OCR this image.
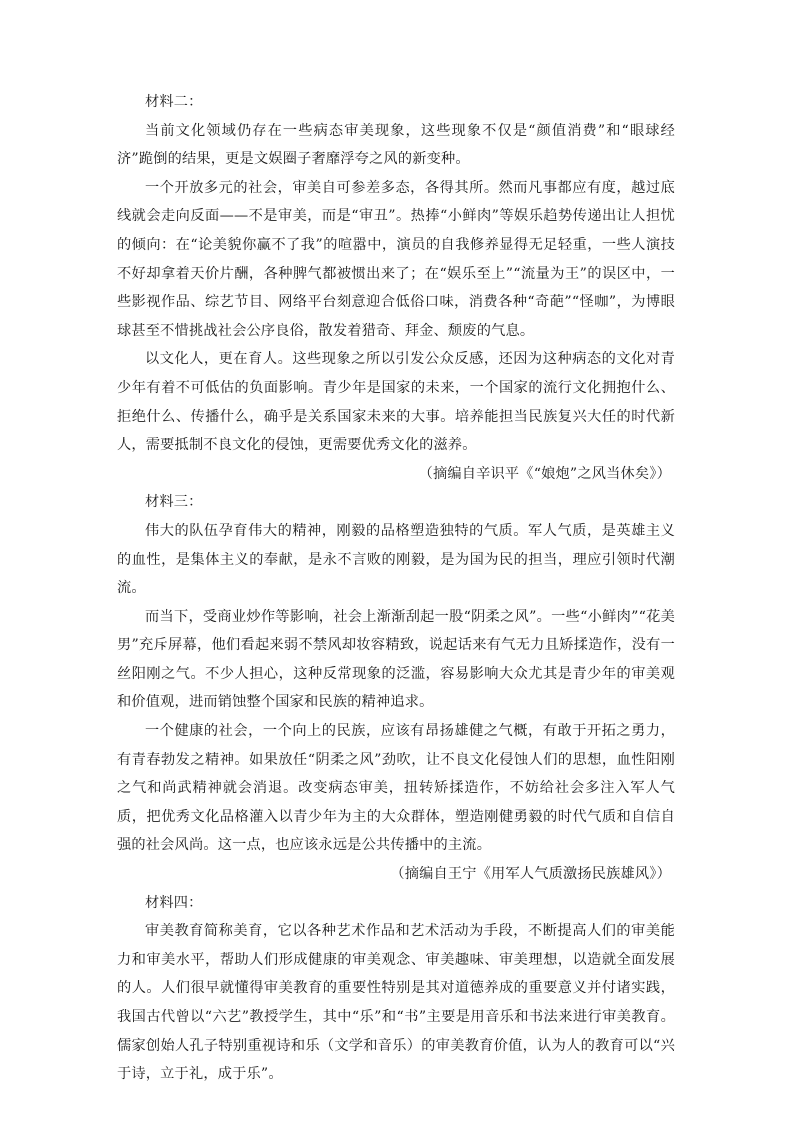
材料二：

当前文化领域仍存在一些病态审美现象，这些现象不仅是“颜值消费”和“眼球经济”跪倒的结果，更是文娱圈子奢靡浮夸之风的新变种。

一个开放多元的社会，审美自可参差多态，各得其所。然而凡事都应有度，越过底线就会走向反面——不是审美，而是“审丑”。热捧“小鲜肉”等娱乐趋势传递出让人担忧的倾向：在“论美貌你赢不了我”的喧嚣中，演员的自我修养显得无足轻重，一些人演技不好却拿着天价片酬，各种脾气都被惯出来了；在“娱乐至上”“流量为王”的误区中，一些影视作品、综艺节目、网络平台刻意迎合低俗口味，消费各种“奇葩”“怪咖”，为博眼球甚至不惜挑战社会公序良俗，散发着猎奇、拜金、颓废的气息。

以文化人，更在育人。这些现象之所以引发公众反感，还因为这种病态的文化对青少年有着不可低估的负面影响。青少年是国家的未来，一个国家的流行文化拥抱什么、拒绝什么、传播什么，确乎是关系国家未来的大事。培养能担当民族复兴大任的时代新人，需要抵制不良文化的侵蚀，更需要优秀文化的滋养。

（摘编自辛识平《“娘炮”之风当休矣》）

材料三：

伟大的队伍孕育伟大的精神，刚毅的品格塑造独特的气质。军人气质，是英雄主义的血性，是集体主义的奉献，是永不言败的刚毅，是为国为民的担当，理应引领时代潮流。

而当下，受商业炒作等影响，社会上渐渐刮起一股“阴柔之风”。一些“小鲜肉”“花美男”充斥屏幕，他们看起来弱不禁风却妆容精致，说起话来有气无力且矫揉造作，没有一丝阳刚之气。不少人担心，这种反常现象的泛滥，容易影响大众尤其是青少年的审美观和价值观，进而销蚀整个国家和民族的精神追求。

一个健康的社会，一个向上的民族，应该有昂扬雄健之气概，有敢于开拓之勇力，有青春勃发之精神。如果放任“阴柔之风”劲吹，让不良文化侵蚀人们的思想，血性阳刚之气和尚武精神就会消退。改变病态审美，扭转矫揉造作，不妨给社会多注入军人气质，把优秀文化品格灌入以青少年为主的大众群体，塑造刚健勇毅的时代气质和自信自强的社会风尚。这一点，也应该永远是公共传播中的主流。

（摘编自王宁《用军人气质激扬民族雄风》）

材料四：

审美教育简称美育，它以各种艺术作品和艺术活动为手段，不断提高人们的审美能力和审美水平，帮助人们形成健康的审美观念、审美趣味、审美理想，以造就全面发展的人。人们很早就懂得审美教育的重要性特别是其对道德养成的重要意义并付诸实践，我国古代曾以“六艺”教授学生，其中“乐”和“书”主要是用音乐和书法来进行审美教育。儒家创始人孔子特别重视诗和乐（文学和音乐）的审美教育价值，认为人的教育可以“兴于诗，立于礼，成于乐”。
